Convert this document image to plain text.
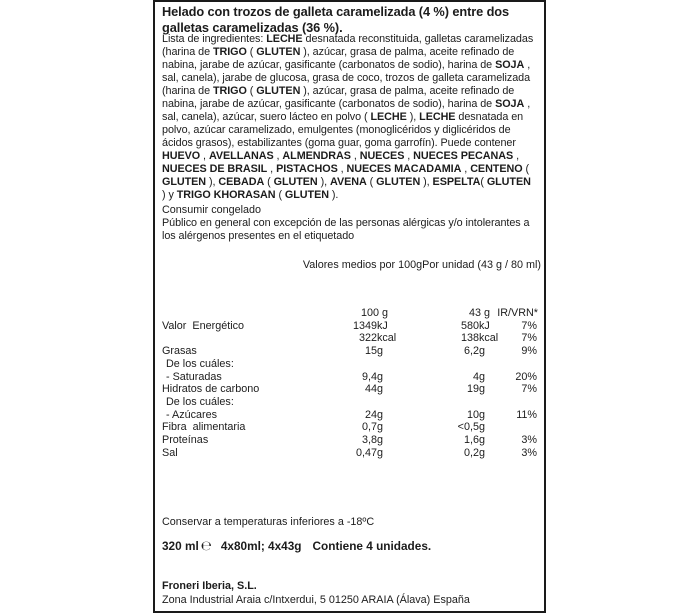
Helado con trozos de galleta caramelizada (4 %) entre dos galletas caramelizadas (36 %).
Lista de ingredientes: LECHE desnatada reconstituida, galletas caramelizadas (harina de TRIGO ( GLUTEN ), azúcar, grasa de palma, aceite refinado de nabina, jarabe de azúcar, gasificante (carbonatos de sodio), harina de SOJA , sal, canela), jarabe de glucosa, grasa de coco, trozos de galleta caramelizada (harina de TRIGO ( GLUTEN ), azúcar, grasa de palma, aceite refinado de nabina, jarabe de azúcar, gasificante (carbonatos de sodio), harina de SOJA , sal, canela), azúcar, suero lácteo en polvo ( LECHE ), LECHE desnatada en polvo, azúcar caramelizado, emulgentes (monoglicéridos y diglicéridos de ácidos grasos), estabilizantes (goma guar, goma garrofín). Puede contener HUEVO , AVELLANAS , ALMENDRAS , NUECES , NUECES PECANAS , NUECES DE BRASIL , PISTACHOS , NUECES MACADAMIA , CENTENO ( GLUTEN ), CEBADA ( GLUTEN ), AVENA ( GLUTEN ), ESPELTA( GLUTEN ) y TRIGO KHORASAN ( GLUTEN ).
Consumir congelado
Público en general con excepción de las personas alérgicas y/o intolerantes a los alérgenos presentes en el etiquetado
Valores medios por 100gPor unidad (43 g / 80 ml)
100 g	43 g IR/VRN*
Valor  Energético	1349 kJ	580 kJ	7%
322 kcal	138 kcal	7%
Grasas	15 g	6,2 g	9%
De los cuáles:
- Saturadas	9,4 g	4 g	20%
Hidratos de carbono	44 g	19 g	7%
De los cuáles:
- Azúcares	24 g	10 g	11%
Fibra  alimentaria	0,7 g	<0,5 g
Proteínas	3,8 g	1,6 g	3%
Sal	0,47 g	0,2 g	3%
Conservar a temperaturas inferiores a -18ºC
320 ml ℮ 4x80ml; 4x43g Contiene 4 unidades.
Froneri Iberia, S.L.
Zona Industrial Araia c/Intxerdui, 5 01250 ARAIA (Álava) España
